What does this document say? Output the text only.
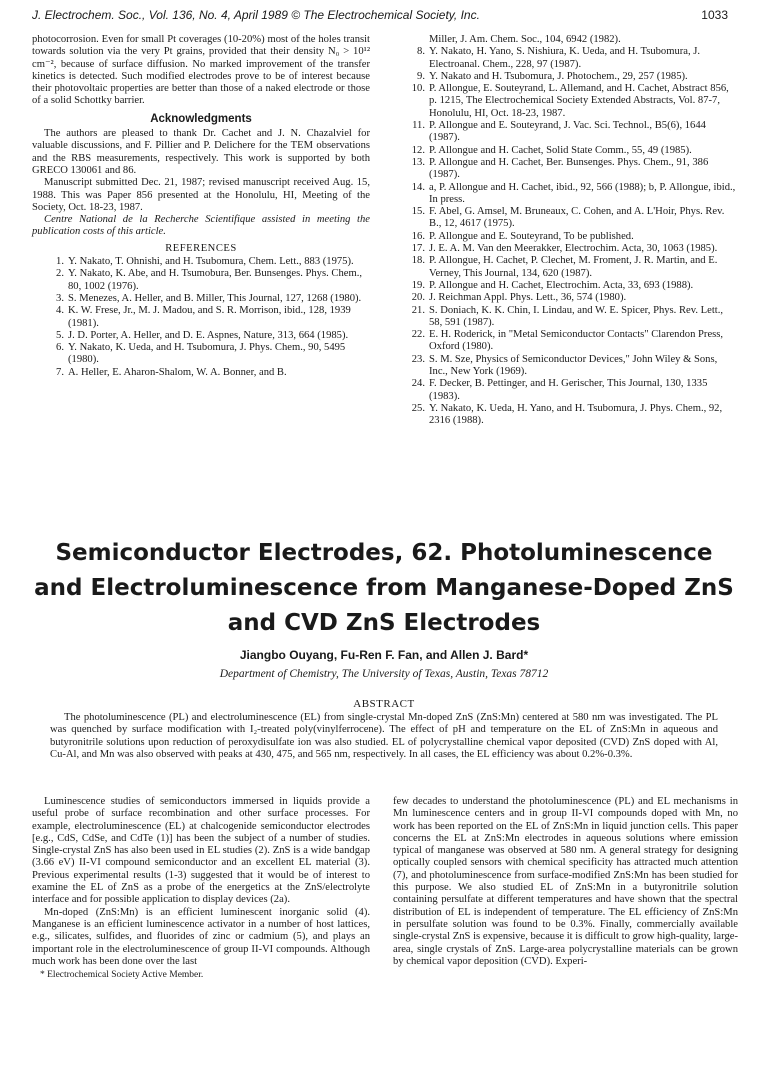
J. Electrochem. Soc., Vol. 136, No. 4, April 1989 © The Electrochemical Society, Inc.	1033

photocorrosion. Even for small Pt coverages (10-20%) most of the holes transit towards solution via the very Pt grains, provided that their density N₀ > 10¹² cm⁻², because of surface diffusion. No marked improvement of the transfer kinetics is detected. Such modified electrodes prove to be of interest because their photovoltaic properties are better than those of a naked electrode or those of a solid Schottky barrier.

Acknowledgments

The authors are pleased to thank Dr. Cachet and J. N. Chazalviel for valuable discussions, and F. Pillier and P. Delichere for the TEM observations and the RBS measurements, respectively. This work is supported by both GRECO 130061 and 86.

Manuscript submitted Dec. 21, 1987; revised manuscript received Aug. 15, 1988. This was Paper 856 presented at the Honolulu, HI, Meeting of the Society, Oct. 18-23, 1987.

Centre National de la Recherche Scientifique assisted in meeting the publication costs of this article.

REFERENCES
1. Y. Nakato, T. Ohnishi, and H. Tsubomura, Chem. Lett., 883 (1975).
2. Y. Nakato, K. Abe, and H. Tsumobura, Ber. Bunsenges. Phys. Chem., 80, 1002 (1976).
3. S. Menezes, A. Heller, and B. Miller, This Journal, 127, 1268 (1980).
4. K. W. Frese, Jr., M. J. Madou, and S. R. Morrison, ibid., 128, 1939 (1981).
5. J. D. Porter, A. Heller, and D. E. Aspnes, Nature, 313, 664 (1985).
6. Y. Nakato, K. Ueda, and H. Tsubomura, J. Phys. Chem., 90, 5495 (1980).
7. A. Heller, E. Aharon-Shalom, W. A. Bonner, and B.
Miller, J. Am. Chem. Soc., 104, 6942 (1982).
8. Y. Nakato, H. Yano, S. Nishiura, K. Ueda, and H. Tsubomura, J. Electroanal. Chem., 228, 97 (1987).
9. Y. Nakato and H. Tsubomura, J. Photochem., 29, 257 (1985).
10. P. Allongue, E. Souteyrand, L. Allemand, and H. Cachet, Abstract 856, p. 1215, The Electrochemical Society Extended Abstracts, Vol. 87-7, Honolulu, HI, Oct. 18-23, 1987.
11. P. Allongue and E. Souteyrand, J. Vac. Sci. Technol., B5(6), 1644 (1987).
12. P. Allongue and H. Cachet, Solid State Comm., 55, 49 (1985).
13. P. Allongue and H. Cachet, Ber. Bunsenges. Phys. Chem., 91, 386 (1987).
14. a, P. Allongue and H. Cachet, ibid., 92, 566 (1988); b, P. Allongue, ibid., In press.
15. F. Abel, G. Amsel, M. Bruneaux, C. Cohen, and A. L'Hoir, Phys. Rev. B., 12, 4617 (1975).
16. P. Allongue and E. Souteyrand, To be published.
17. J. E. A. M. Van den Meerakker, Electrochim. Acta, 30, 1063 (1985).
18. P. Allongue, H. Cachet, P. Clechet, M. Froment, J. R. Martin, and E. Verney, This Journal, 134, 620 (1987).
19. P. Allongue and H. Cachet, Electrochim. Acta, 33, 693 (1988).
20. J. Reichman Appl. Phys. Lett., 36, 574 (1980).
21. S. Doniach, K. K. Chin, I. Lindau, and W. E. Spicer, Phys. Rev. Lett., 58, 591 (1987).
22. E. H. Roderick, in "Metal Semiconductor Contacts" Clarendon Press, Oxford (1980).
23. S. M. Sze, Physics of Semiconductor Devices," John Wiley & Sons, Inc., New York (1969).
24. F. Decker, B. Pettinger, and H. Gerischer, This Journal, 130, 1335 (1983).
25. Y. Nakato, K. Ueda, H. Yano, and H. Tsubomura, J. Phys. Chem., 92, 2316 (1988).
Semiconductor Electrodes, 62. Photoluminescence and Electroluminescence from Manganese-Doped ZnS and CVD ZnS Electrodes
Jiangbo Ouyang, Fu-Ren F. Fan, and Allen J. Bard*
Department of Chemistry, The University of Texas, Austin, Texas 78712
ABSTRACT

The photoluminescence (PL) and electroluminescence (EL) from single-crystal Mn-doped ZnS (ZnS:Mn) centered at 580 nm was investigated. The PL was quenched by surface modification with I₂-treated poly(vinylferrocene). The effect of pH and temperature on the EL of ZnS:Mn in aqueous and butyronitrile solutions upon reduction of peroxydisulfate ion was also studied. EL of polycrystalline chemical vapor deposited (CVD) ZnS doped with Al, Cu-Al, and Mn was also observed with peaks at 430, 475, and 565 nm, respectively. In all cases, the EL efficiency was about 0.2%-0.3%.

Luminescence studies of semiconductors immersed in liquids provide a useful probe of surface recombination and other surface processes. For example, electroluminescence (EL) at chalcogenide semiconductor electrodes [e.g., CdS, CdSe, and CdTe (1)] has been the subject of a number of studies. Single-crystal ZnS has also been used in EL studies (2). ZnS is a wide bandgap (3.66 eV) II-VI compound semiconductor and an excellent EL material (3). Previous experimental results (1-3) suggested that it would be of interest to examine the EL of ZnS as a probe of the energetics at the ZnS/electrolyte interface and for possible application to display devices (2a).

Mn-doped (ZnS:Mn) is an efficient luminescent inorganic solid (4). Manganese is an efficient luminescence activator in a number of host lattices, e.g., silicates, sulfides, and fluorides of zinc or cadmium (5), and plays an important role in the electroluminescence of group II-VI compounds. Although much work has been done over the last

* Electrochemical Society Active Member.

few decades to understand the photoluminescence (PL) and EL mechanisms in Mn luminescence centers and in group II-VI compounds doped with Mn, no work has been reported on the EL of ZnS:Mn in liquid junction cells. This paper concerns the EL at ZnS:Mn electrodes in aqueous solutions where emission typical of manganese was observed at 580 nm. A general strategy for designing optically coupled sensors with chemical specificity has attracted much attention (7), and photoluminescence from surface-modified ZnS:Mn has been studied for this purpose. We also studied EL of ZnS:Mn in a butyronitrile solution containing persulfate at different temperatures and have shown that the spectral distribution of EL is independent of temperature. The EL efficiency of ZnS:Mn in persulfate solution was found to be 0.3%. Finally, commercially available single-crystal ZnS is expensive, because it is difficult to grow high-quality, large-area, single crystals of ZnS. Large-area polycrystalline materials can be grown by chemical vapor deposition (CVD). Experi-
